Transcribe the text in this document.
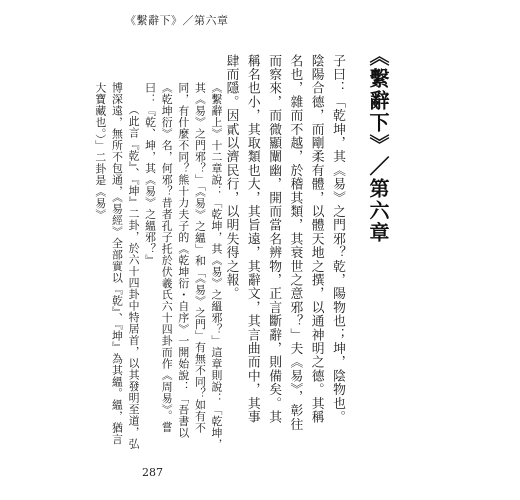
《繫辭下》／第六章
《繫辭下》／第六章

子曰：「乾坤，其《易》之門邪？乾，陽物也；坤，陰物也。陰陽合德，而剛柔有體，以體天地之撰，以通神明之德。其稱名也，雜而不越，於稽其類，其衰世之意邪？」夫《易》，彰往而察來，而微顯闡幽，開而當名辨物，正言斷辭，則備矣。其稱名也小，其取類也大，其旨遠，其辭文，其言曲而中，其事肆而隱。因貳以濟民行，以明失得之報。

《繫辭上》十二章說：「乾坤，其《易》之縕邪？」這章則說：「乾坤，其《易》之門邪？」「《易》之縕」和「《易》之門」有無不同？如有不同，有什麼不同？熊十力夫子的《乾坤衍・自序》一開始說：「吾書以《乾坤衍》名，何邪？昔者孔子托於伏羲氏六十四卦而作《周易》。嘗曰：『乾、坤，其《易》之縕邪？』

（此言『乾』、『坤』二卦，於六十四卦中特居首，以其發明至道，弘博深遠，無所不包通，《易經》全部實以『乾』、『坤』為其縕。縕，猶言大寶藏也。）」二卦是《易》

287
